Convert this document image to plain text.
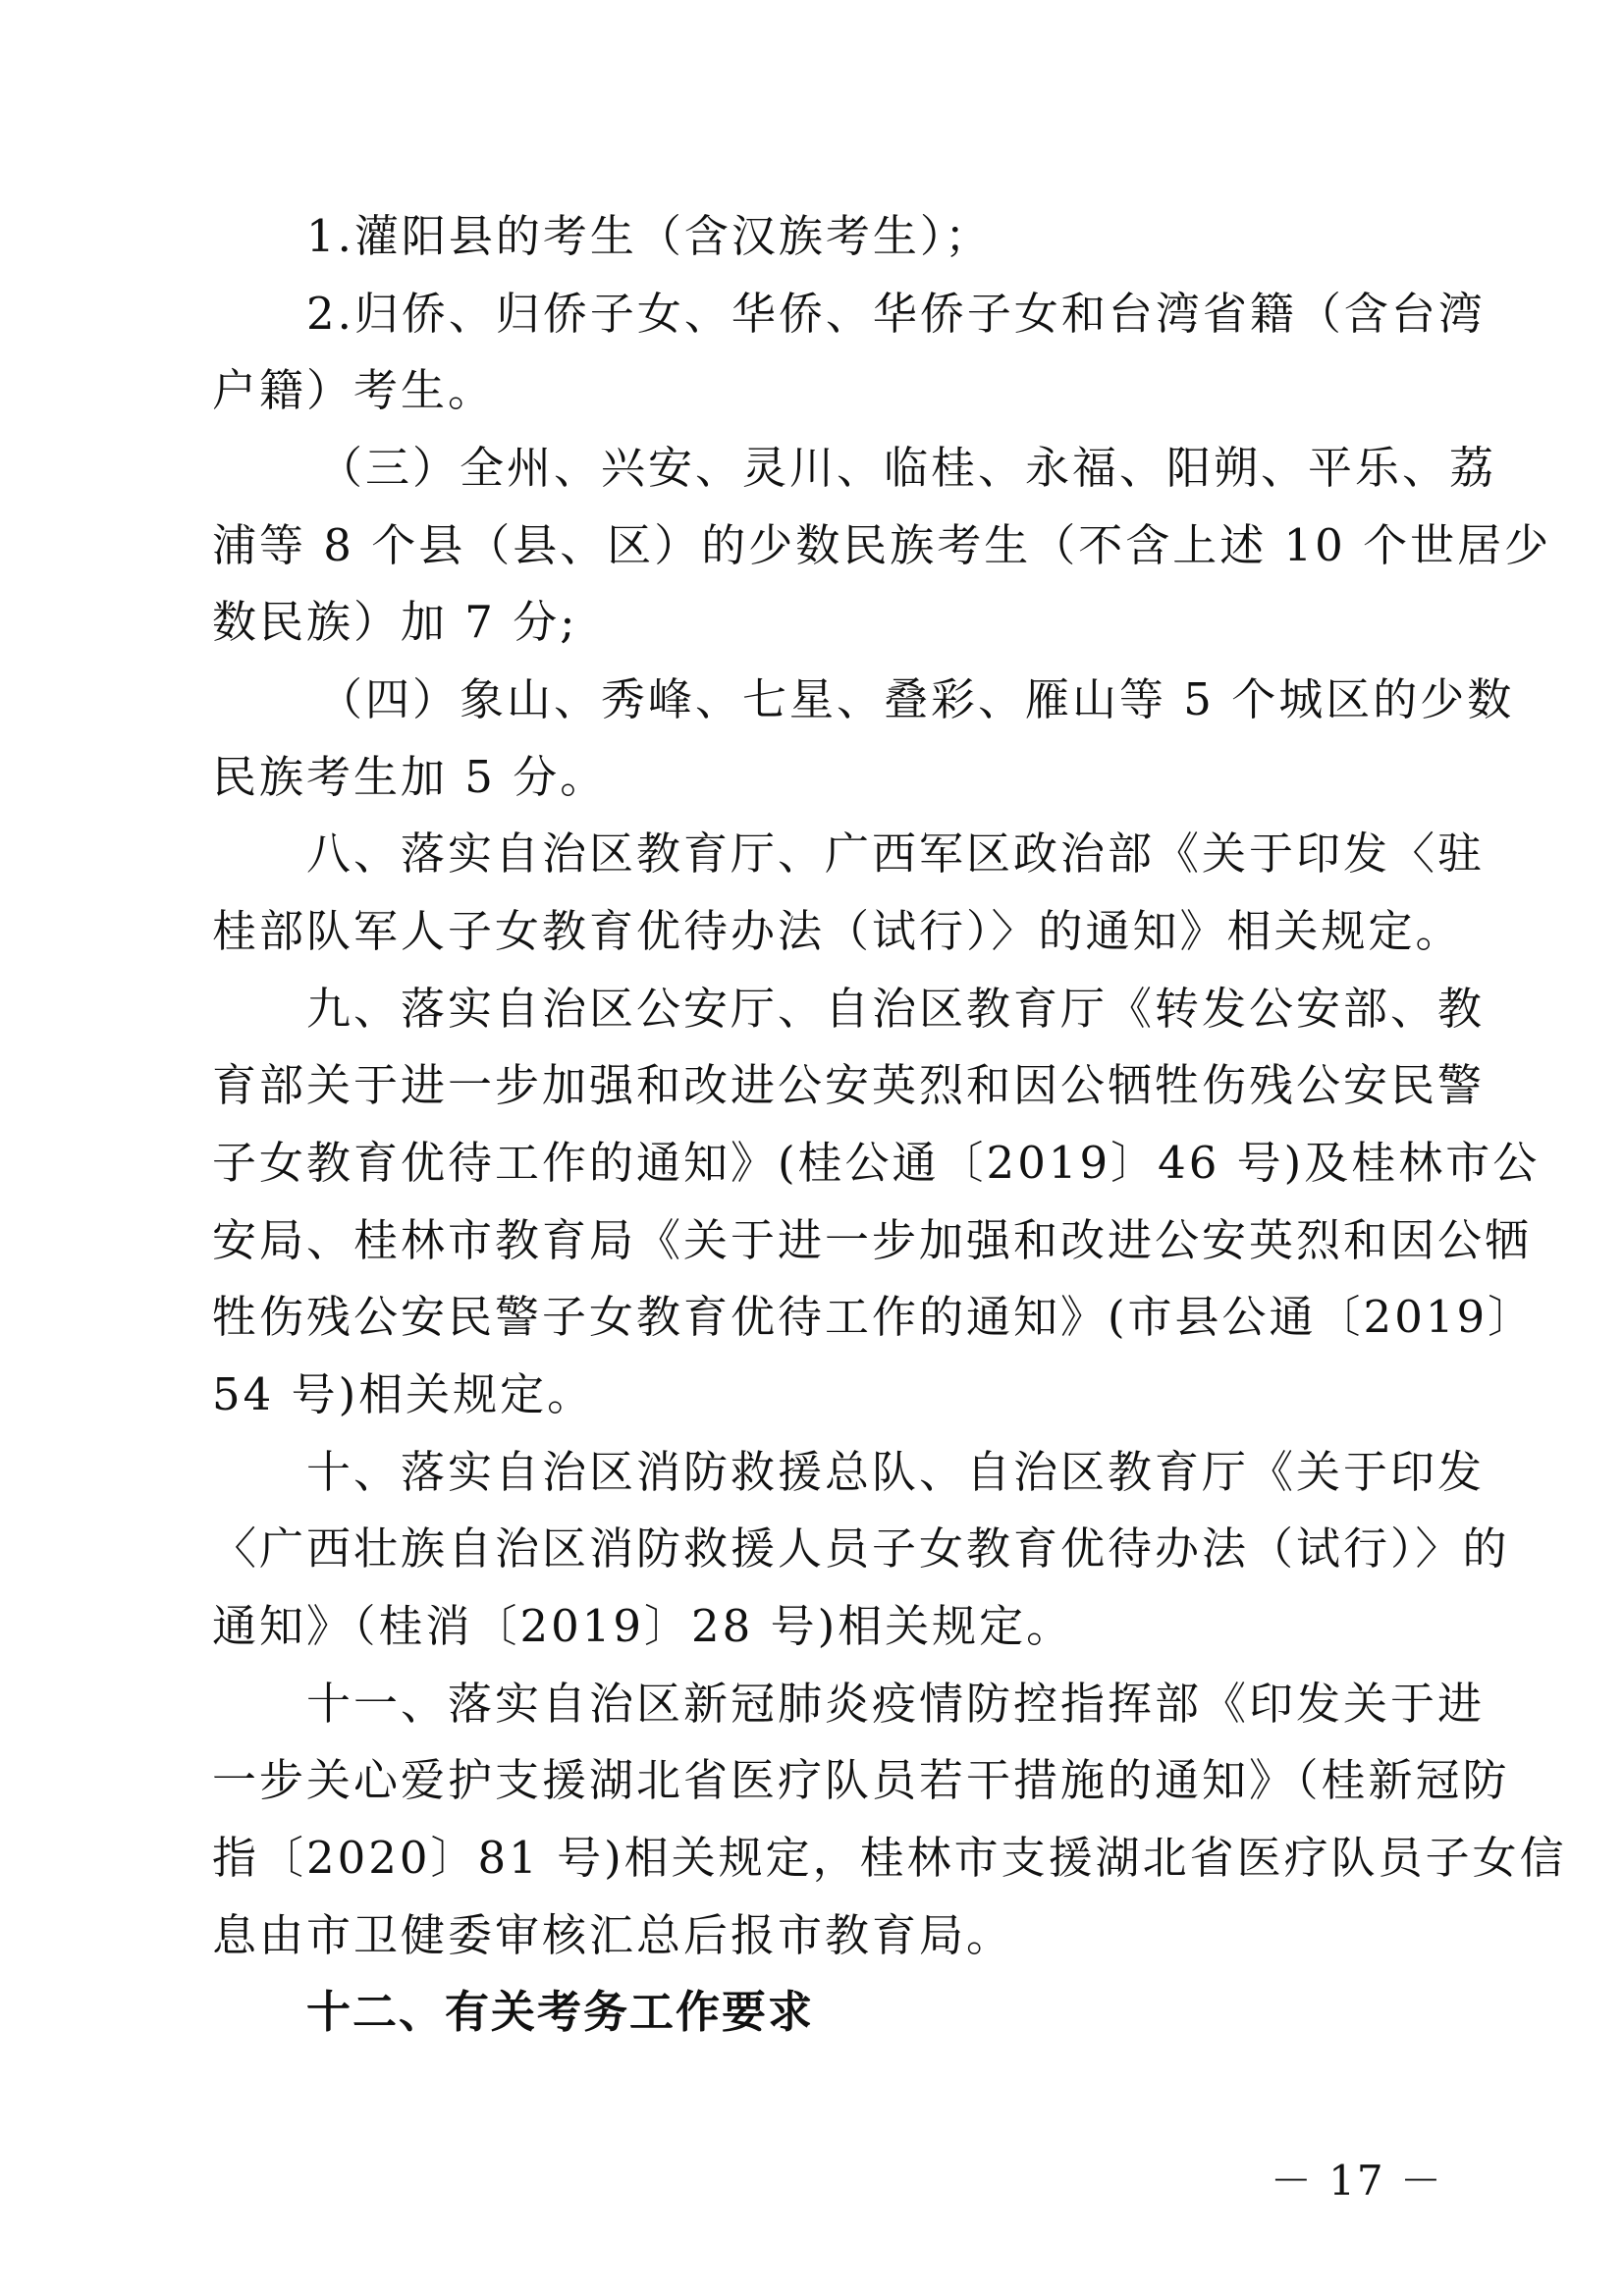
1.灌阳县的考生（含汉族考生）；
2.归侨、归侨子女、华侨、华侨子女和台湾省籍（含台湾
户籍）考生。
（三）全州、兴安、灵川、临桂、永福、阳朔、平乐、荔
浦等 8 个县（县、区）的少数民族考生（不含上述 10 个世居少
数民族）加 7 分;
（四）象山、秀峰、七星、叠彩、雁山等 5 个城区的少数
民族考生加 5 分。
八、落实自治区教育厅、广西军区政治部《关于印发〈驻
桂部队军人子女教育优待办法（试行）〉的通知》相关规定。
九、落实自治区公安厅、自治区教育厅《转发公安部、教
育部关于进一步加强和改进公安英烈和因公牺牲伤残公安民警
子女教育优待工作的通知》(桂公通〔2019〕46 号)及桂林市公
安局、桂林市教育局《关于进一步加强和改进公安英烈和因公牺
牲伤残公安民警子女教育优待工作的通知》(市县公通〔2019〕
54 号)相关规定。
十、落实自治区消防救援总队、自治区教育厅《关于印发
〈广西壮族自治区消防救援人员子女教育优待办法（试行）〉的
通知》（桂消〔2019〕28 号)相关规定。
十一、落实自治区新冠肺炎疫情防控指挥部《印发关于进
一步关心爱护支援湖北省医疗队员若干措施的通知》（桂新冠防
指〔2020〕81 号)相关规定，桂林市支援湖北省医疗队员子女信
息由市卫健委审核汇总后报市教育局。
十二、有关考务工作要求
－ 17 －
